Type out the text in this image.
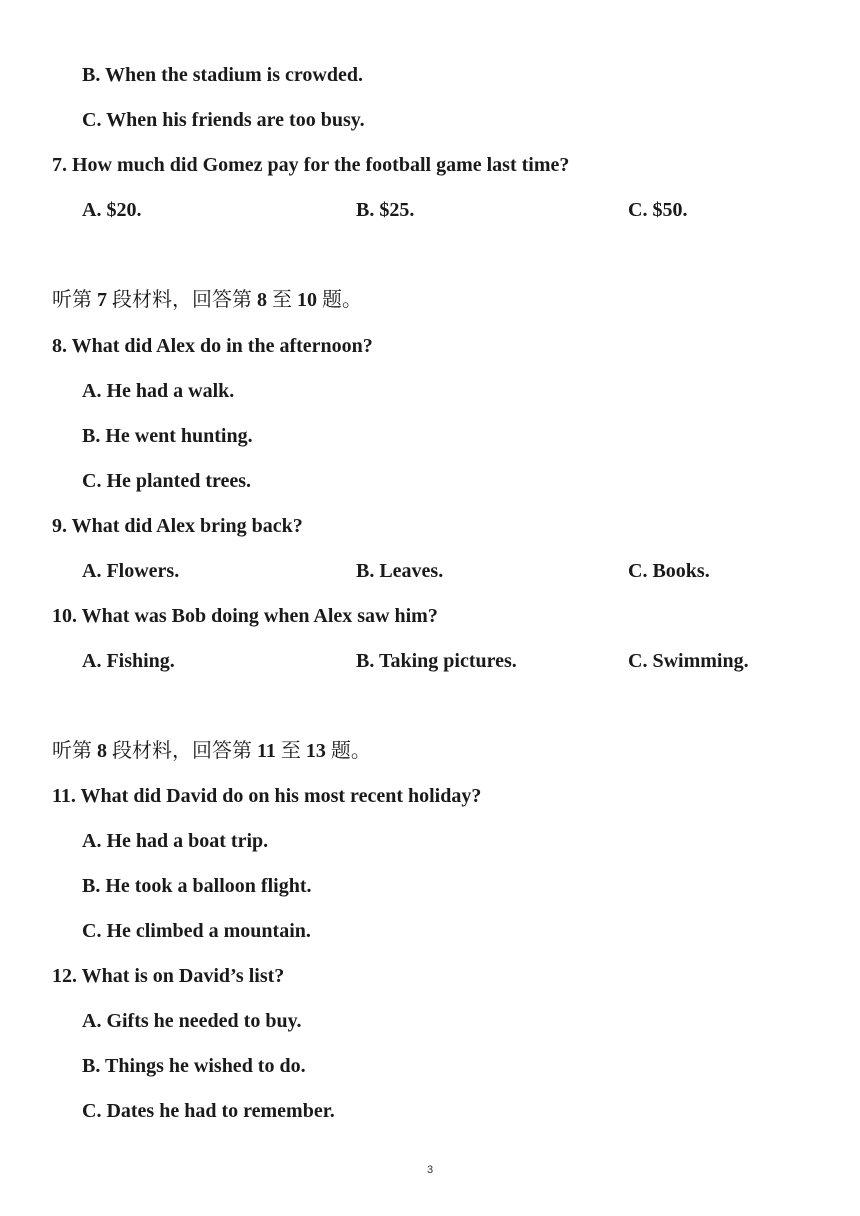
B. When the stadium is crowded.
C. When his friends are too busy.
7. How much did Gomez pay for the football game last time?
A. $20.	B. $25.	C. $50.
听第 7 段材料，回答第 8 至 10 题。
8. What did Alex do in the afternoon?
A. He had a walk.
B. He went hunting.
C. He planted trees.
9. What did Alex bring back?
A. Flowers.	B. Leaves.	C. Books.
10. What was Bob doing when Alex saw him?
A. Fishing.	B. Taking pictures.	C. Swimming.
听第 8 段材料，回答第 11 至 13 题。
11. What did David do on his most recent holiday?
A. He had a boat trip.
B. He took a balloon flight.
C. He climbed a mountain.
12. What is on David’s list?
A. Gifts he needed to buy.
B. Things he wished to do.
C. Dates he had to remember.
3
